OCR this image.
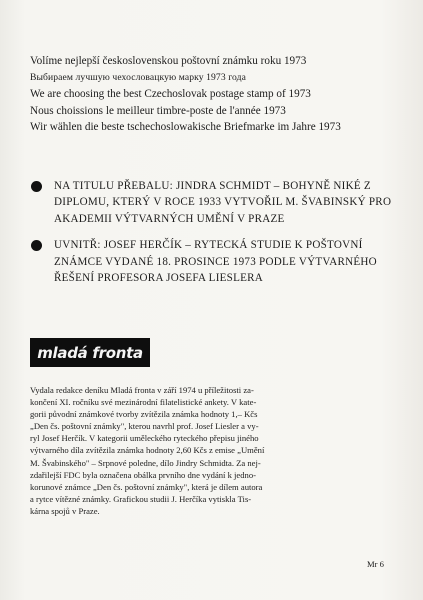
Volíme nejlepší československou poštovní známku roku 1973
Выбираем лучшую чехословацкую марку 1973 года
We are choosing the best Czechoslovak postage stamp of 1973
Nous choissions le meilleur timbre-poste de l'année 1973
Wir wählen die beste tschechoslowakische Briefmarke im Jahre 1973
NA TITULU PŘEBALU: JINDRA SCHMIDT – BOHYNĚ NIKÉ Z DIPLOMU, KTERÝ V ROCE 1933 VYTVOŘIL M. ŠVABINSKÝ PRO AKADEMII VÝTVARNÝCH UMĚNÍ V PRAZE
UVNITŘ: JOSEF HERČÍK – RYTECKÁ STUDIE K POŠTOVNÍ ZNÁMCE VYDANÉ 18. PROSINCE 1973 PODLE VÝTVARNÉHO ŘEŠENÍ PROFESORA JOSEFA LIESLERA
mladá fronta
Vydala redakce deníku Mladá fronta v září 1974 u příležitosti za-
končení XI. ročníku své mezinárodní filatelistické ankety. V kate-
gorii původní známkové tvorby zvítězila známka hodnoty 1,– Kčs
„Den čs. poštovní známky", kterou navrhl prof. Josef Liesler a vy-
ryl Josef Herčík. V kategorii uměleckého ryteckého přepisu jiného
výtvarného díla zvítězila známka hodnoty 2,60 Kčs z emise „Umění
M. Švabinského" – Srpnové poledne, dílo Jindry Schmidta. Za nej-
zdařilejší FDC byla označena obálka prvního dne vydání k jedno-
korunové známce „Den čs. poštovní známky", která je dílem autora
a rytce vítězné známky. Grafickou studii J. Herčíka vytiskla Tis-
kárna spojů v Praze.
Mr 6
